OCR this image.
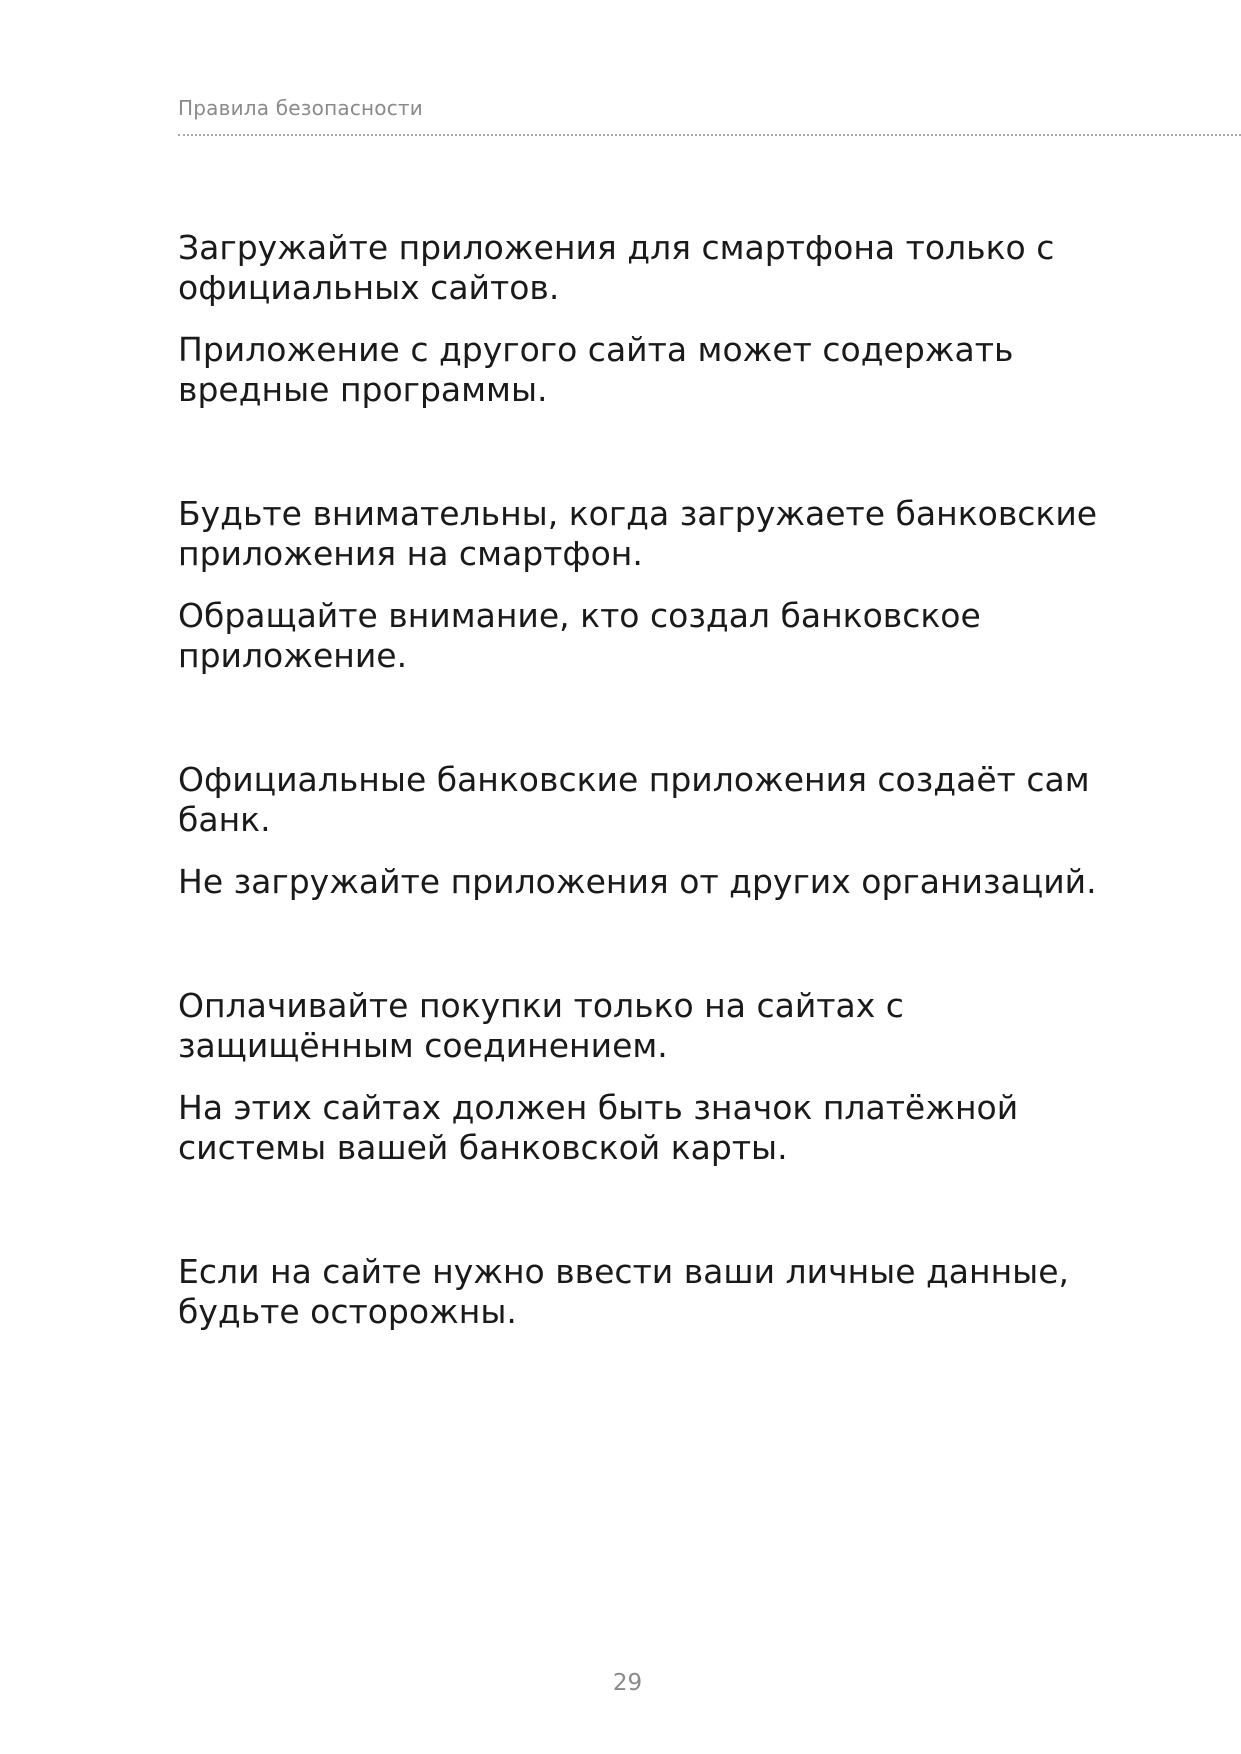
Правила безопасности

Загружайте приложения для смартфона только с официальных сайтов.

Приложение с другого сайта может содержать вредные программы.

Будьте внимательны, когда загружаете банковские приложения на смартфон.

Обращайте внимание, кто создал банковское приложение.

Официальные банковские приложения создаёт сам банк.

Не загружайте приложения от других организаций.

Оплачивайте покупки только на сайтах с защищённым соединением.

На этих сайтах должен быть значок платёжной системы вашей банковской карты.

Если на сайте нужно ввести ваши личные данные, будьте осторожны.

29
